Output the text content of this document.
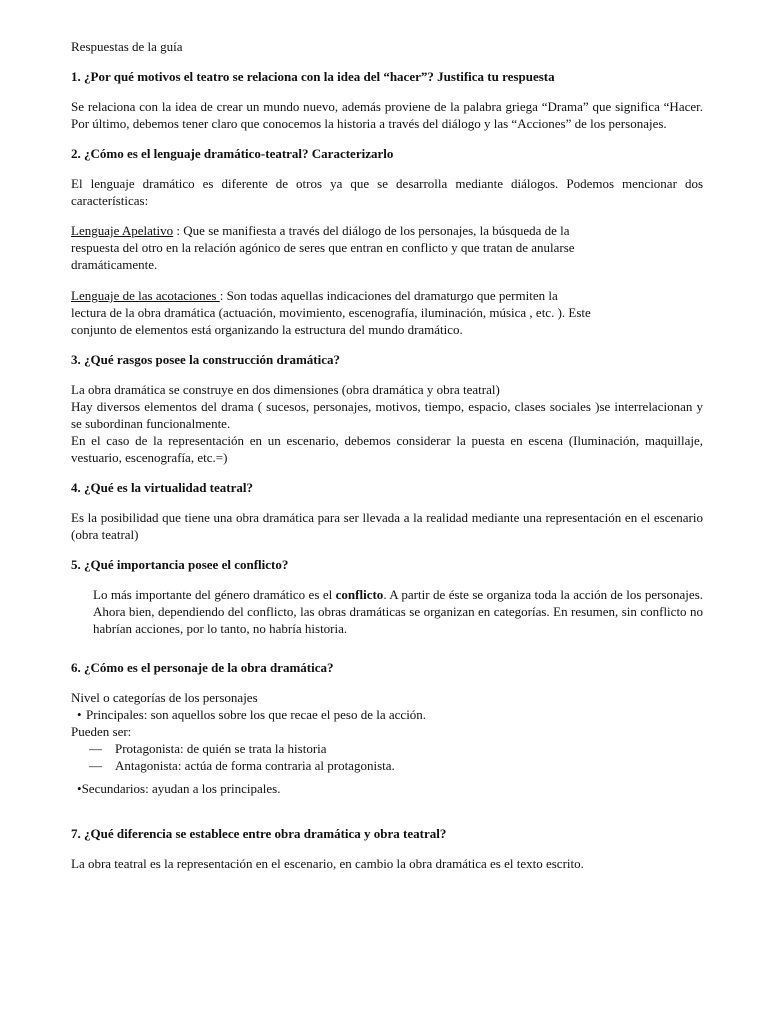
Respuestas de la guía
1. ¿Por qué motivos el teatro se relaciona con la idea del “hacer”? Justifica tu respuesta
Se relaciona con la idea de crear un mundo nuevo, además proviene de la palabra griega “Drama” que significa “Hacer. Por último, debemos tener claro que conocemos la historia a través del diálogo y las “Acciones” de los personajes.
2. ¿Cómo es el lenguaje dramático-teatral? Caracterizarlo
El lenguaje dramático es diferente de otros ya que se desarrolla mediante diálogos. Podemos mencionar dos características:
Lenguaje Apelativo : Que se manifiesta a través del diálogo de los personajes, la búsqueda de la
respuesta del otro en la relación agónico de seres que entran en conflicto y que tratan de anularse
dramáticamente.
Lenguaje de las acotaciones : Son todas aquellas indicaciones del dramaturgo que permiten la
lectura de la obra dramática (actuación, movimiento, escenografía, iluminación, música , etc. ). Este
conjunto de elementos está organizando la estructura del mundo dramático.
3. ¿Qué rasgos posee la construcción dramática?
La obra dramática se construye en dos dimensiones (obra dramática y obra teatral)
Hay diversos elementos del drama ( sucesos, personajes, motivos, tiempo, espacio, clases sociales )se interrelacionan y se subordinan funcionalmente.
En el caso de la representación en un escenario, debemos considerar la puesta en escena (Iluminación, maquillaje, vestuario, escenografía, etc.=)
4. ¿Qué es la virtualidad teatral?
Es la posibilidad que tiene una obra dramática para ser llevada a la realidad mediante una representación en el escenario (obra teatral)
5. ¿Qué importancia posee el conflicto?
Lo más importante del género dramático es el conflicto. A partir de éste se organiza toda la acción de los personajes. Ahora bien, dependiendo del conflicto, las obras dramáticas se organizan en categorías. En resumen, sin conflicto no habrían acciones, por lo tanto, no habría historia.
6. ¿Cómo es el personaje de la obra dramática?
Nivel o categorías de los personajes
• Principales: son aquellos sobre los que recae el peso de la acción.
Pueden ser:
— Protagonista: de quién se trata la historia
— Antagonista: actúa de forma contraria al protagonista.
•Secundarios: ayudan a los principales.
7. ¿Qué diferencia se establece entre obra dramática y obra teatral?
La obra teatral es la representación en el escenario, en cambio la obra dramática es el texto escrito.
